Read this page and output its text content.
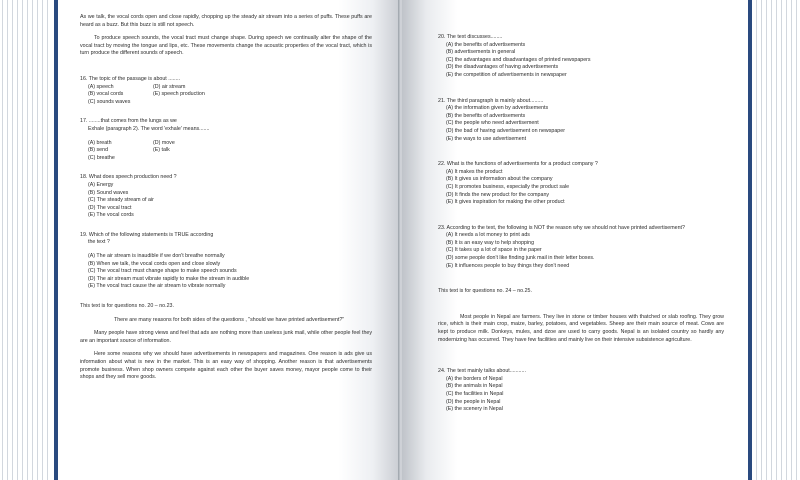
As we talk, the vocal cords open and close rapidly, chopping up the steady air stream into a series of puffs. These puffs are heard as a buzz. But this buzz is still not speech.

To produce speech sounds, the vocal tract must change shape. During speech we continually alter the shape of the vocal tract by moving the tongue and lips, etc. These movements change the acoustic properties of the vocal tract, which is turn produce the different sounds of speech.

16. The topic of the passage is about ........

(A) speech	(D) air stream
(B) vocal cords	(E) speech production

(C) sounds waves

17. ........that comes from the lungs as we

Exhale (paragraph 2). The word 'exhale' means.......

(A) breath	(D) move
(B) send	(E) talk

(C) breathe

18. What does speech production need ?

(A) Energy

(B) Sound waves

(C) The steady stream of air

(D) The vocal tract

(E) The vocal cords

19. Which of the following statements is TRUE according

the text ?

(A) The air stream is inaudible if we don't breathe normally

(B) When we talk, the vocal cords open and close slowly

(C) The vocal tract must change shape to make speech sounds

(D) The air stream must vibrate rapidly to make the stream in audible

(E) The vocal tract cause the air stream to vibrate normally

This text is for questions no. 20 – no.23.

There are many reasons for both sides of the questions , "should we have printed advertisement?"

Many people have strong views and feel that ads are nothing more than useless junk mail, while other people feel they are an important source of information.

Here some reasons why we should have advertisements in newspapers and magazines. One reason is ads give us information about what is new in the market. This is an easy way of shopping. Another reason is that advertisements promote business. When shop owners compete against each other the buyer saves money, mayor people come to their shops and they sell more goods.

20. The text discusses........

(A) the benefits of advertisements

(B) advertisements in general

(C) the advantages and disadvantages of printed newspapers

(D) the disadvantages of having advertisements

(E) the competition of advertisements in newspaper

21. The third paragraph is mainly about.........

(A) the information given by advertisements

(B) the benefits of advertisements

(C) the people who need advertisement

(D) the bad of having advertisement on newspaper

(E) the ways to use advertisement

22. What is the functions of advertisements for a product company ?

(A) It makes the product

(B) It gives us information about the company

(C) It promotes business, especially the product sale

(D) It finds the new product for the company

(E) It gives inspiration for making the other product

23. According to the text, the following is NOT the reason why we should not have printed advertisement?

(A) It needs a lot money to print ads

(B) It is an easy way to help shopping

(C) It takes up a lot of space in the paper

(D) some people don't like finding junk mail in their letter boxes.

(E) It influences people to buy things they don't need

This text is for questions no. 24 – no.25.

Most people in Nepal are farmers. They live in stone or timber houses with thatched or slab roofing. They grow rice, which is their main crop, maize, barley, potatoes, and vegetables. Sheep are their main source of meat. Cows are kept to produce milk. Donkeys, mules, and dzoe are used to carry goods. Nepal is an isolated country so hardly any modernizing has occurred. They have few facilities and mainly live on their intensive subsistence agriculture.

24. The text mainly talks about...........

(A) the borders of Nepal

(B) the animals in Nepal

(C) the facilities in Nepal

(D) the people in Nepal

(E) the scenery in Nepal
